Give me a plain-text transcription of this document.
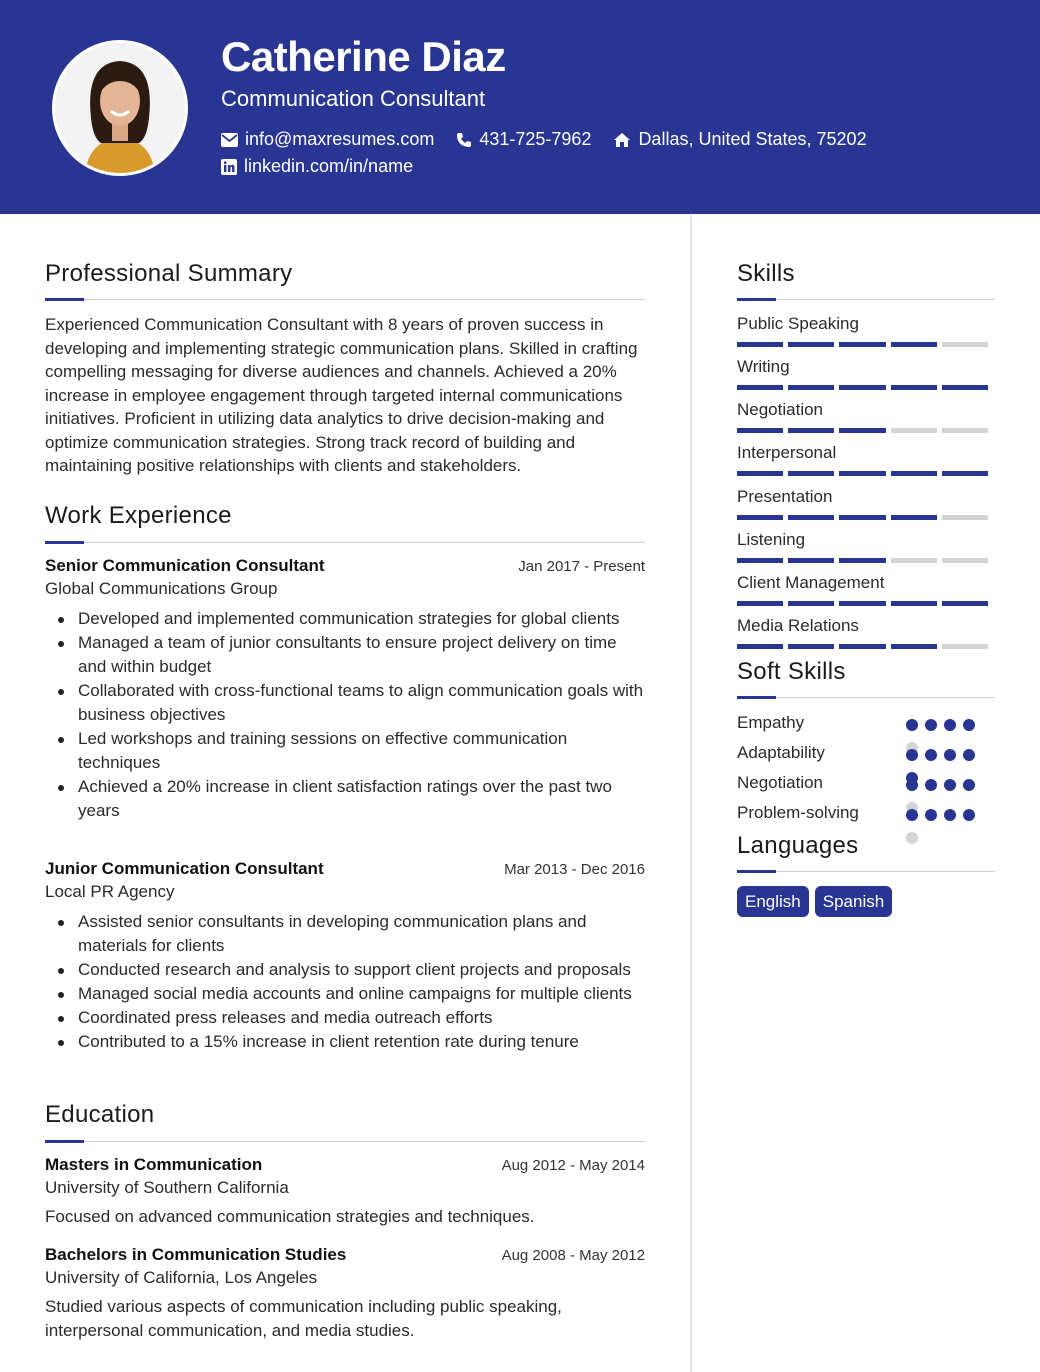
Catherine Diaz
Communication Consultant
info@maxresumes.com	431-725-7962	Dallas, United States, 75202
linkedin.com/in/name
Professional Summary
Experienced Communication Consultant with 8 years of proven success in developing and implementing strategic communication plans. Skilled in crafting compelling messaging for diverse audiences and channels. Achieved a 20% increase in employee engagement through targeted internal communications initiatives. Proficient in utilizing data analytics to drive decision-making and optimize communication strategies. Strong track record of building and maintaining positive relationships with clients and stakeholders.
Work Experience
Senior Communication Consultant	Jan 2017 - Present
Global Communications Group
Developed and implemented communication strategies for global clients
Managed a team of junior consultants to ensure project delivery on time and within budget
Collaborated with cross-functional teams to align communication goals with business objectives
Led workshops and training sessions on effective communication techniques
Achieved a 20% increase in client satisfaction ratings over the past two years
Junior Communication Consultant	Mar 2013 - Dec 2016
Local PR Agency
Assisted senior consultants in developing communication plans and materials for clients
Conducted research and analysis to support client projects and proposals
Managed social media accounts and online campaigns for multiple clients
Coordinated press releases and media outreach efforts
Contributed to a 15% increase in client retention rate during tenure
Education
Masters in Communication	Aug 2012 - May 2014
University of Southern California
Focused on advanced communication strategies and techniques.
Bachelors in Communication Studies	Aug 2008 - May 2012
University of California, Los Angeles
Studied various aspects of communication including public speaking, interpersonal communication, and media studies.
Skills
Public Speaking
Writing
Negotiation
Interpersonal
Presentation
Listening
Client Management
Media Relations
Soft Skills
Empathy
Adaptability
Negotiation
Problem-solving
Languages
English	Spanish
